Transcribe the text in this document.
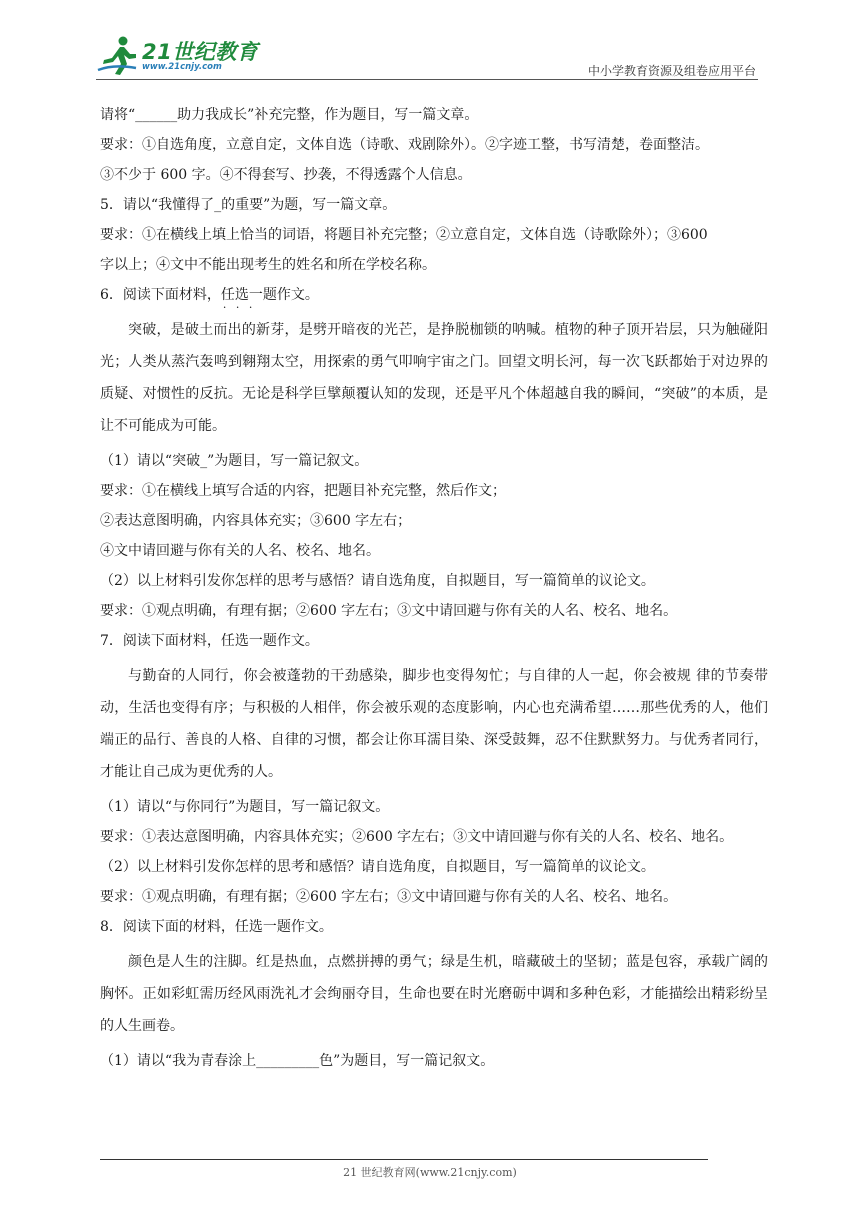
21世纪教育
www.21cnjy.com	中小学教育资源及组卷应用平台
请将“______助力我成长”补充完整，作为题目，写一篇文章。
要求：①自选角度，立意自定，文体自选（诗歌、戏剧除外）。②字迹工整，书写清楚，卷面整洁。
③不少于 600 字。④不得套写、抄袭，不得透露个人信息。
5．请以“我懂得了_的重要”为题，写一篇文章。
要求：①在横线上填上恰当的词语，将题目补充完整；②立意自定，文体自选（诗歌除外）；③600
字以上；④文中不能出现考生的姓名和所在学校名称。
6．阅读下面材料，任选一题 · · ·作文。
突破，是破土而出的新芽，是劈开暗夜的光芒，是挣脱枷锁的呐喊。植物的种子顶开岩层，只为触碰阳光；人类从蒸汽轰鸣到翱翔太空，用探索的勇气叩响宇宙之门。回望文明长河，每一次飞跃都始于对边界的质疑、对惯性的反抗。无论是科学巨擘颠覆认知的发现，还是平凡个体超越自我的瞬间，“突破”的本质，是让不可能成为可能。
（1）请以“突破_”为题目，写一篇记叙文。
要求：①在横线上填写合适的内容，把题目补充完整，然后作文；
②表达意图明确，内容具体充实；③600 字左右；
④文中请回避与你有关的人名、校名、地名。
（2）以上材料引发你怎样的思考与感悟？请自选角度，自拟题目，写一篇简单的议论文。
要求：①观点明确，有理有据；②600 字左右；③文中请回避与你有关的人名、校名、地名。
7．阅读下面材料，任选一题作文。
与勤奋的人同行，你会被蓬勃的干劲感染，脚步也变得匆忙；与自律的人一起，你会被规 律的节奏带动，生活也变得有序；与积极的人相伴，你会被乐观的态度影响，内心也充满希望……那些优秀的人，他们端正的品行、善良的人格、自律的习惯，都会让你耳濡目染、深受鼓舞，忍不住默默努力。与优秀者同行，才能让自己成为更优秀的人。
（1）请以“与你同行”为题目，写一篇记叙文。
要求：①表达意图明确，内容具体充实；②600 字左右；③文中请回避与你有关的人名、校名、地名。
（2）以上材料引发你怎样的思考和感悟？请自选角度，自拟题目，写一篇简单的议论文。
要求：①观点明确，有理有据；②600 字左右；③文中请回避与你有关的人名、校名、地名。
8．阅读下面的材料，任选一题作文。
颜色是人生的注脚。红是热血，点燃拼搏的勇气；绿是生机，暗藏破土的坚韧；蓝是包容，承载广阔的胸怀。正如彩虹需历经风雨洗礼才会绚丽夺目，生命也要在时光磨砺中调和多种色彩，才能描绘出精彩纷呈的人生画卷。
（1）请以“我为青春涂上_________色”为题目，写一篇记叙文。
21 世纪教育网(www.21cnjy.com)
